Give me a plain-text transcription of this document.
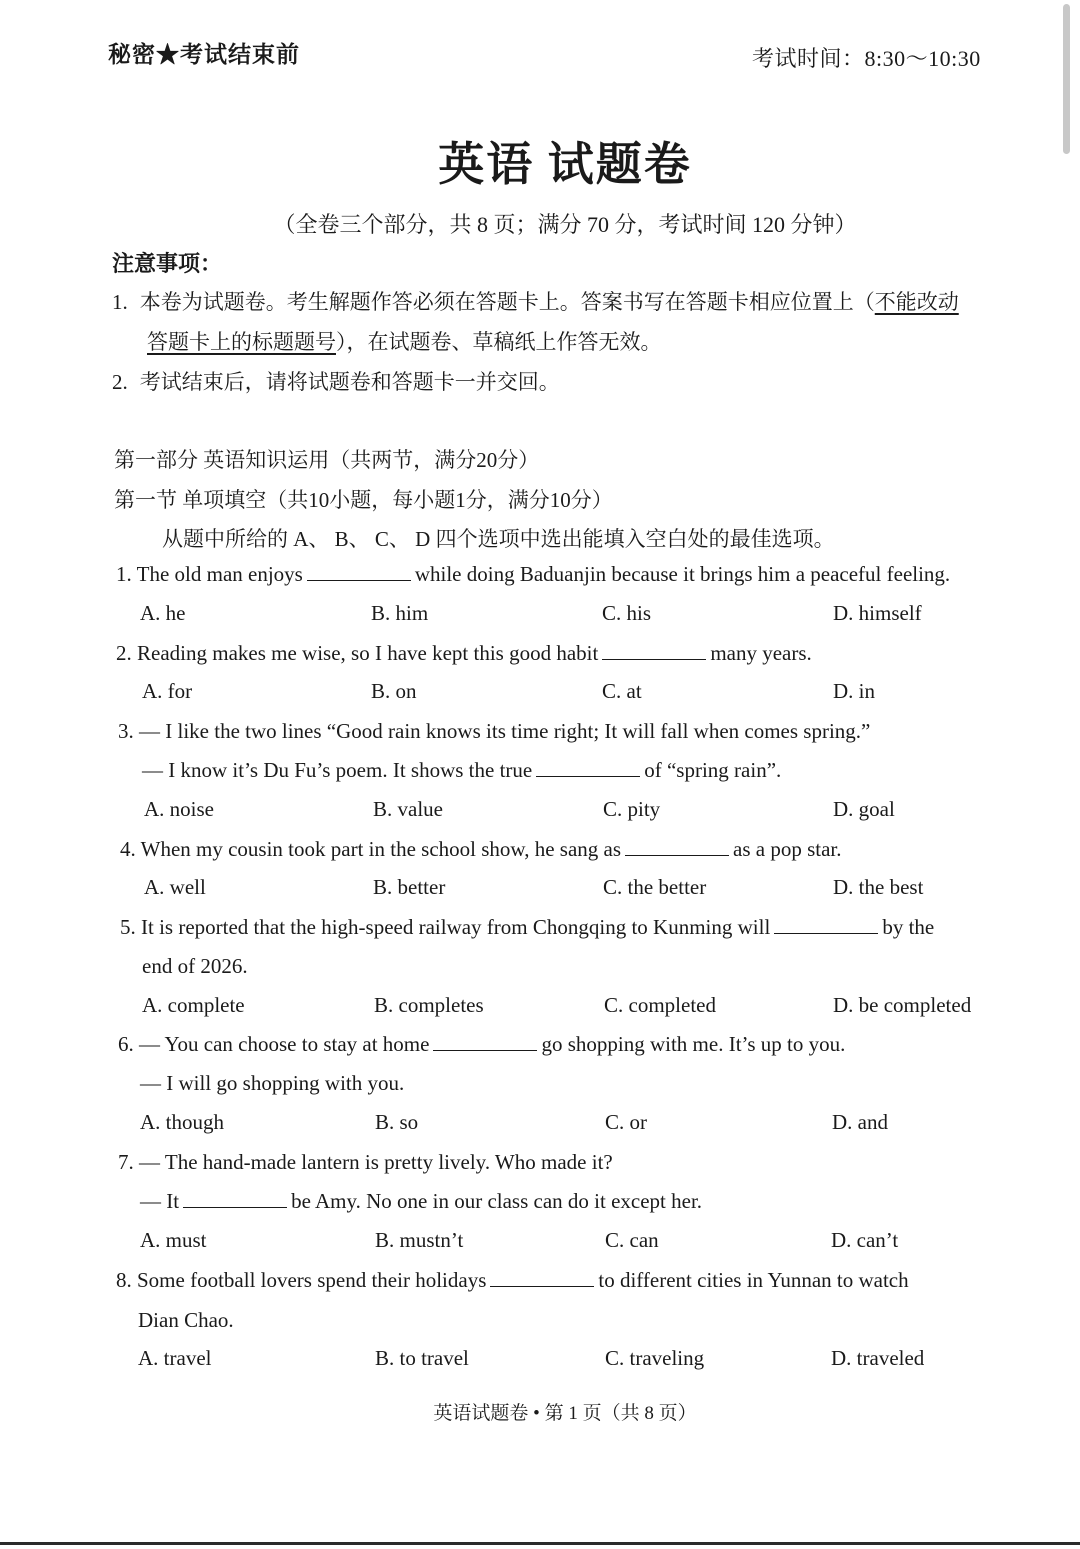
秘密★考试结束前	考试时间：8:30～10:30
英语 试题卷
（全卷三个部分，共 8 页；满分 70 分，考试时间 120 分钟）
注意事项：
1. 本卷为试题卷。考生解题作答必须在答题卡上。答案书写在答题卡相应位置上（不能改动
答题卡上的标题题号），在试题卷、草稿纸上作答无效。
2. 考试结束后，请将试题卷和答题卡一并交回。
第一部分 英语知识运用（共两节，满分20分）
第一节 单项填空（共10小题，每小题1分，满分10分）
从题中所给的 A、 B、 C、 D 四个选项中选出能填入空白处的最佳选项。
1. The old man enjoys	while doing Baduanjin because it brings him a peaceful feeling.
A. he	B. him	C. his	D. himself
2. Reading makes me wise, so I have kept this good habit	many years.
A. for	B. on	C. at	D. in
3. — I like the two lines “Good rain knows its time right; It will fall when comes spring.”
— I know it’s Du Fu’s poem. It shows the true	of “spring rain”.
A. noise	B. value	C. pity	D. goal
4. When my cousin took part in the school show, he sang as	as a pop star.
A. well	B. better	C. the better	D. the best
5. It is reported that the high-speed railway from Chongqing to Kunming will	by the
end of 2026.
A. complete	B. completes	C. completed	D. be completed
6. — You can choose to stay at home	go shopping with me. It’s up to you.
— I will go shopping with you.
A. though	B. so	C. or	D. and
7. — The hand-made lantern is pretty lively. Who made it?
— It	be Amy. No one in our class can do it except her.
A. must	B. mustn’t	C. can	D. can’t
8. Some football lovers spend their holidays	to different cities in Yunnan to watch
Dian Chao.
A. travel	B. to travel	C. traveling	D. traveled
英语试题卷 • 第 1 页（共 8 页）
